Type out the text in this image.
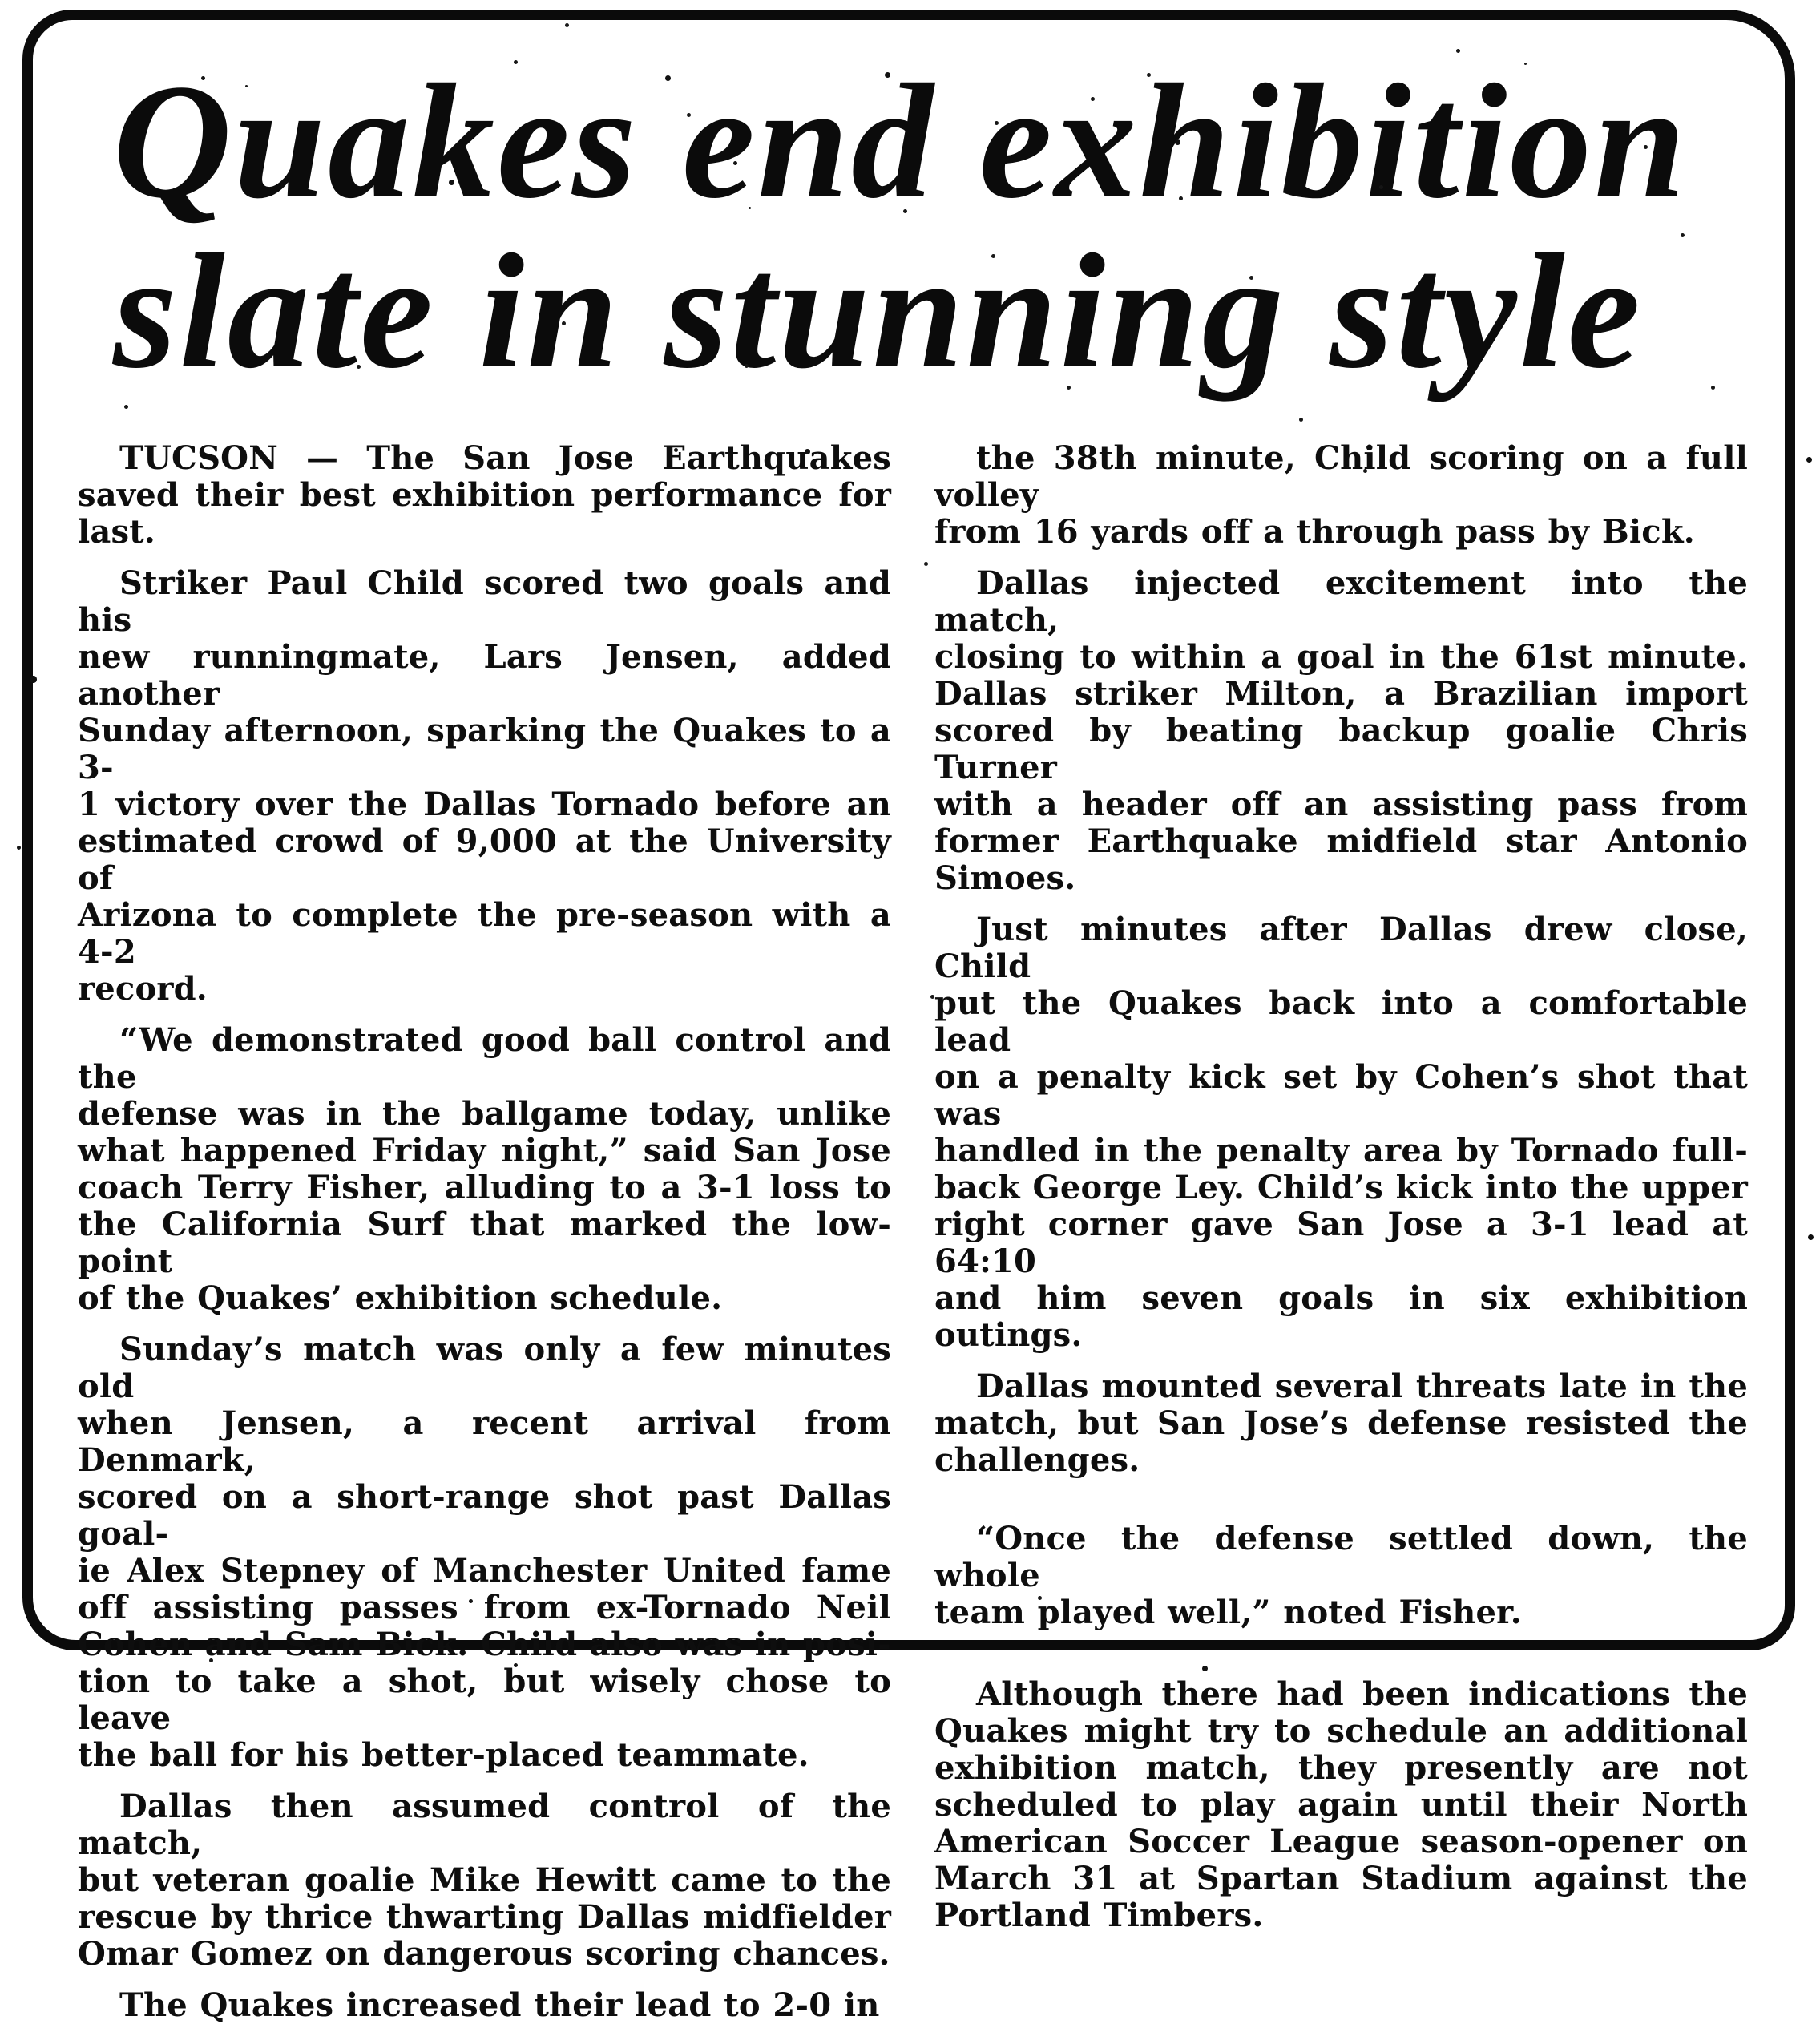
Quakes end exhibition
slate in stunning style
TUCSON — The San Jose Earthquakes
saved their best exhibition performance for
last.
Striker Paul Child scored two goals and his
new runningmate, Lars Jensen, added another
Sunday afternoon, sparking the Quakes to a 3-
1 victory over the Dallas Tornado before an
estimated crowd of 9,000 at the University of
Arizona to complete the pre-season with a 4-2
record.
“We demonstrated good ball control and the
defense was in the ballgame today, unlike
what happened Friday night,” said San Jose
coach Terry Fisher, alluding to a 3-1 loss to
the California Surf that marked the low-point
of the Quakes’ exhibition schedule.
Sunday’s match was only a few minutes old
when Jensen, a recent arrival from Denmark,
scored on a short-range shot past Dallas goal-
ie Alex Stepney of Manchester United fame
off assisting passes from ex-Tornado Neil
Cohen and Sam Bick. Child also was in posi-
tion to take a shot, but wisely chose to leave
the ball for his better-placed teammate.
Dallas then assumed control of the match,
but veteran goalie Mike Hewitt came to the
rescue by thrice thwarting Dallas midfielder
Omar Gomez on dangerous scoring chances.
The Quakes increased their lead to 2-0 in
the 38th minute, Child scoring on a full volley
from 16 yards off a through pass by Bick.
Dallas injected excitement into the match,
closing to within a goal in the 61st minute.
Dallas striker Milton, a Brazilian import
scored by beating backup goalie Chris Turner
with a header off an assisting pass from
former Earthquake midfield star Antonio
Simoes.
Just minutes after Dallas drew close, Child
put the Quakes back into a comfortable lead
on a penalty kick set by Cohen’s shot that was
handled in the penalty area by Tornado full-
back George Ley. Child’s kick into the upper
right corner gave San Jose a 3-1 lead at 64:10
and him seven goals in six exhibition outings.
Dallas mounted several threats late in the
match, but San Jose’s defense resisted the
challenges.
“Once the defense settled down, the whole
team played well,” noted Fisher.
Although there had been indications the
Quakes might try to schedule an additional
exhibition match, they presently are not
scheduled to play again until their North
American Soccer League season-opener on
March 31 at Spartan Stadium against the
Portland Timbers.
